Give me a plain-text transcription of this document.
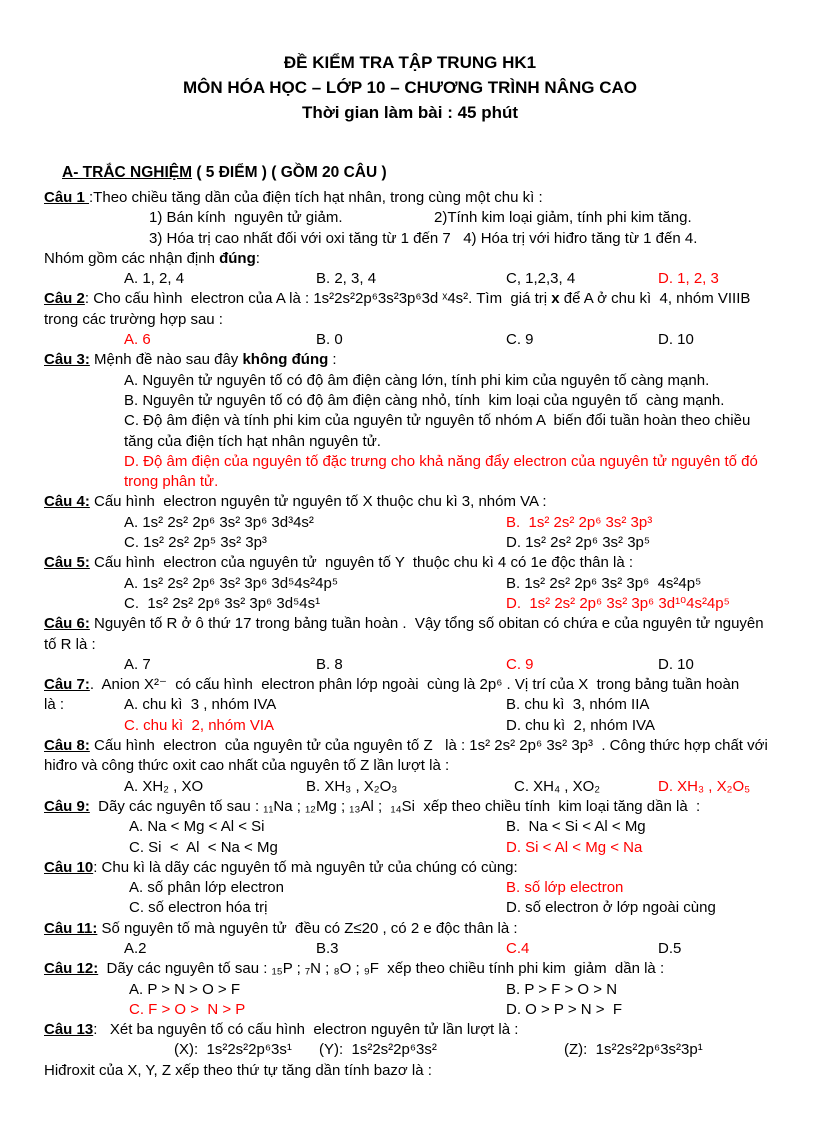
ĐỀ KIỂM TRA TẬP TRUNG HK1
MÔN HÓA HỌC – LỚP 10 – CHƯƠNG TRÌNH NÂNG CAO
Thời gian làm bài : 45 phút
A- TRẮC NGHIỆM ( 5 ĐIỂM ) ( GỒM 20 CÂU )
Câu 1 :Theo chiều tăng dần của điện tích hạt nhân, trong cùng một chu kì :
1) Bán kính  nguyên tử giảm.	2)Tính kim loại giảm, tính phi kim tăng.
3) Hóa trị cao nhất đối với oxi tăng từ 1 đến 7   4) Hóa trị với hiđro tăng từ 1 đến 4.
Nhóm gồm các nhận định đúng:
A. 1, 2, 4	B. 2, 3, 4	C, 1,2,3, 4	D. 1, 2, 3
Câu 2: Cho cấu hình  electron của A là : 1s²2s²2p⁶3s²3p⁶3d ˣ4s². Tìm  giá trị x để A ở chu kì  4, nhóm VIIIB   trong các trường hợp sau :
A. 6	B. 0	C. 9	D. 10
Câu 3: Mệnh đề nào sau đây không đúng :
A. Nguyên tử nguyên tố có độ âm điện càng lớn, tính phi kim của nguyên tố càng mạnh.
B. Nguyên tử nguyên tố có độ âm điện càng nhỏ, tính  kim loại của nguyên tố  càng mạnh.
C. Độ âm điện và tính phi kim của nguyên tử nguyên tố nhóm A  biến đổi tuần hoàn theo chiều tăng của điện tích hạt nhân nguyên tử.
D. Độ âm điện của nguyên tố đặc trưng cho khả năng đẩy electron của nguyên tử nguyên tố đó trong phân tử.
Câu 4: Cấu hình  electron nguyên tử nguyên tố X thuộc chu kì 3, nhóm VA :
A. 1s² 2s² 2p⁶ 3s² 3p⁶ 3d³4s²	B.  1s² 2s² 2p⁶ 3s² 3p³
C. 1s² 2s² 2p⁵ 3s² 3p³	D. 1s² 2s² 2p⁶ 3s² 3p⁵
Câu 5: Cấu hình  electron của nguyên tử  nguyên tố Y  thuộc chu kì 4 có 1e độc thân là :
A. 1s² 2s² 2p⁶ 3s² 3p⁶ 3d⁵4s²4p⁵	B. 1s² 2s² 2p⁶ 3s² 3p⁶  4s²4p⁵
C.  1s² 2s² 2p⁶ 3s² 3p⁶ 3d⁵4s¹	D.  1s² 2s² 2p⁶ 3s² 3p⁶ 3d¹⁰4s²4p⁵
Câu 6: Nguyên tố R ở ô thứ 17 trong bảng tuần hoàn .  Vậy tổng số obitan có chứa e của nguyên tử nguyên tố R là :
A. 7	B. 8	C. 9	D. 10
Câu 7:.  Anion X²⁻  có cấu hình  electron phân lớp ngoài  cùng là 2p⁶ . Vị trí của X  trong bảng tuần hoàn
là :	A. chu kì  3 , nhóm IVA	B. chu kì  3, nhóm IIA
C. chu kì  2, nhóm VIA	D. chu kì  2, nhóm IVA
Câu 8: Cấu hình  electron  của nguyên tử của nguyên tố Z   là : 1s² 2s² 2p⁶ 3s² 3p³  . Công thức hợp chất với hiđro và công thức oxit cao nhất của nguyên tố Z lần lượt là :
A. XH₂ , XO	B. XH₃ , X₂O₃	C. XH₄ , XO₂	D. XH₃ , X₂O₅
Câu 9:  Dãy các nguyên tố sau : ₁₁Na ; ₁₂Mg ; ₁₃Al ;  ₁₄Si  xếp theo chiều tính  kim loại tăng dần là  :
A. Na < Mg < Al < Si	B.  Na < Si < Al < Mg
C. Si  <  Al  < Na < Mg	D. Si < Al < Mg < Na
Câu 10: Chu kì là dãy các nguyên tố mà nguyên tử của chúng có cùng:
A. số phân lớp electron	B. số lớp electron
C. số electron hóa trị	D. số electron ở lớp ngoài cùng
Câu 11: Số nguyên tố mà nguyên tử  đều có Z≤20 , có 2 e độc thân là :
A.2	B.3	C.4	D.5
Câu 12:  Dãy các nguyên tố sau : ₁₅P ; ₇N ; ₈O ; ₉F  xếp theo chiều tính phi kim  giảm  dần là :
A. P > N > O > F	B. P > F > O > N
C. F > O >  N > P	D. O > P > N >  F
Câu 13:   Xét ba nguyên tố có cấu hình  electron nguyên tử lần lượt là :
(X):  1s²2s²2p⁶3s¹ (Y):  1s²2s²2p⁶3s²	(Z):  1s²2s²2p⁶3s²3p¹
Hiđroxit của X, Y, Z xếp theo thứ tự tăng dần tính bazơ là :
